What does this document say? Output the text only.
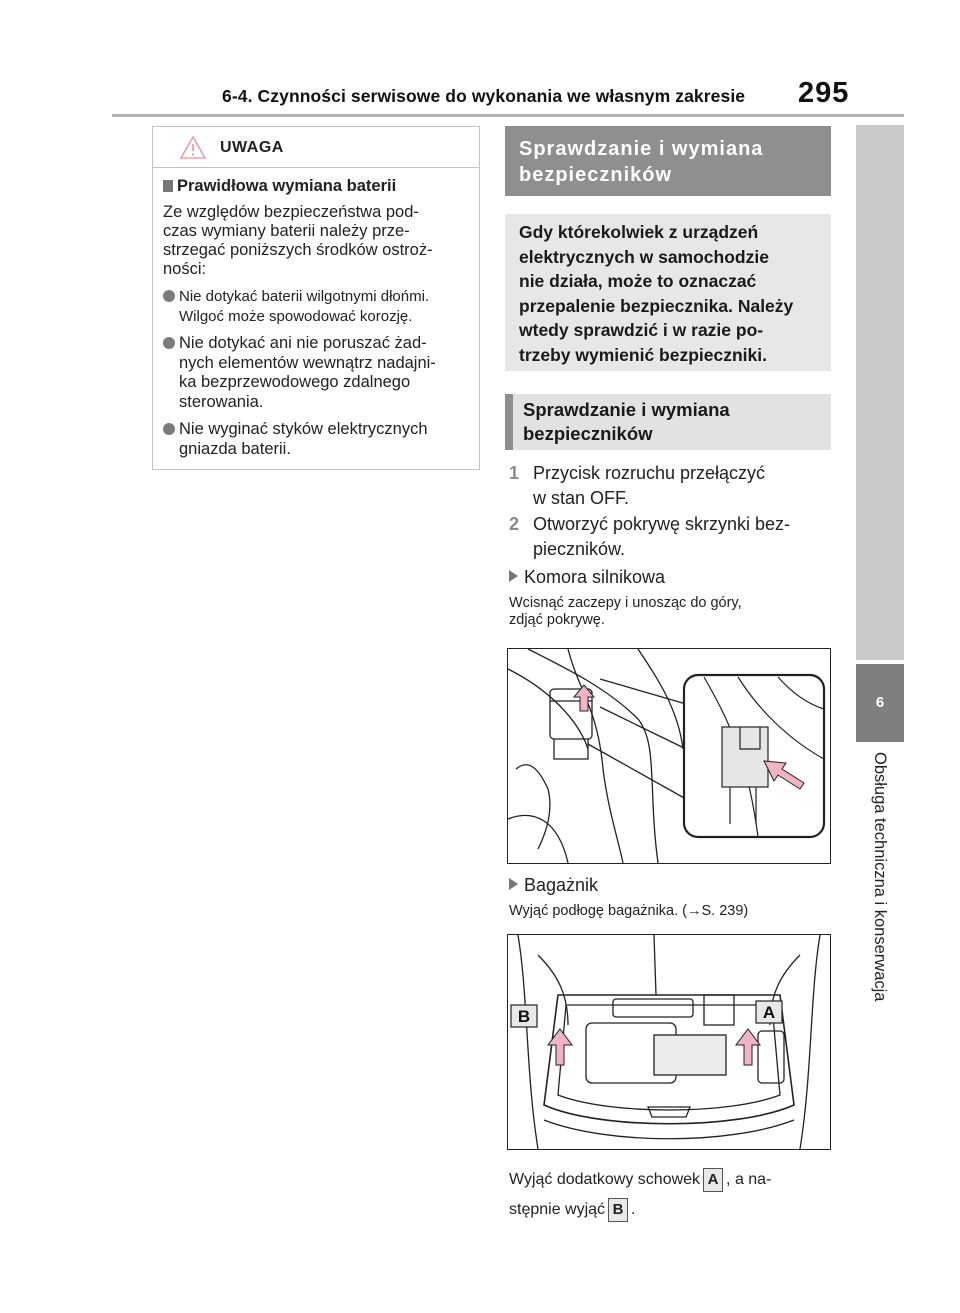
6-4. Czynności serwisowe do wykonania we własnym zakresie 295
6
Obsługa techniczna i konserwacja
UWAGA
Prawidłowa wymiana baterii
Ze względów bezpieczeństwa pod-
czas wymiany baterii należy prze-
strzegać poniższych środków ostroż-
ności:
Nie dotykać baterii wilgotnymi dłońmi.
Wilgoć może spowodować korozję.
Nie dotykać ani nie poruszać żad-
nych elementów wewnątrz nadajni-
ka bezprzewodowego zdalnego
sterowania.
Nie wyginać styków elektrycznych
gniazda baterii.
Sprawdzanie i wymiana
bezpieczników
Gdy którekolwiek z urządzeń
elektrycznych w samochodzie
nie działa, może to oznaczać
przepalenie bezpiecznika. Należy
wtedy sprawdzić i w razie po-
trzeby wymienić bezpieczniki.
Sprawdzanie i wymiana
bezpieczników
1 Przycisk rozruchu przełączyć
w stan OFF.
2 Otworzyć pokrywę skrzynki bez-
pieczników.
Komora silnikowa
Wcisnąć zaczepy i unosząc do góry,
zdjąć pokrywę.
Bagażnik
Wyjąć podłogę bagażnika. (→S. 239)
B	A
Wyjąć dodatkowy schowek A , a na-
stępnie wyjąć B .
